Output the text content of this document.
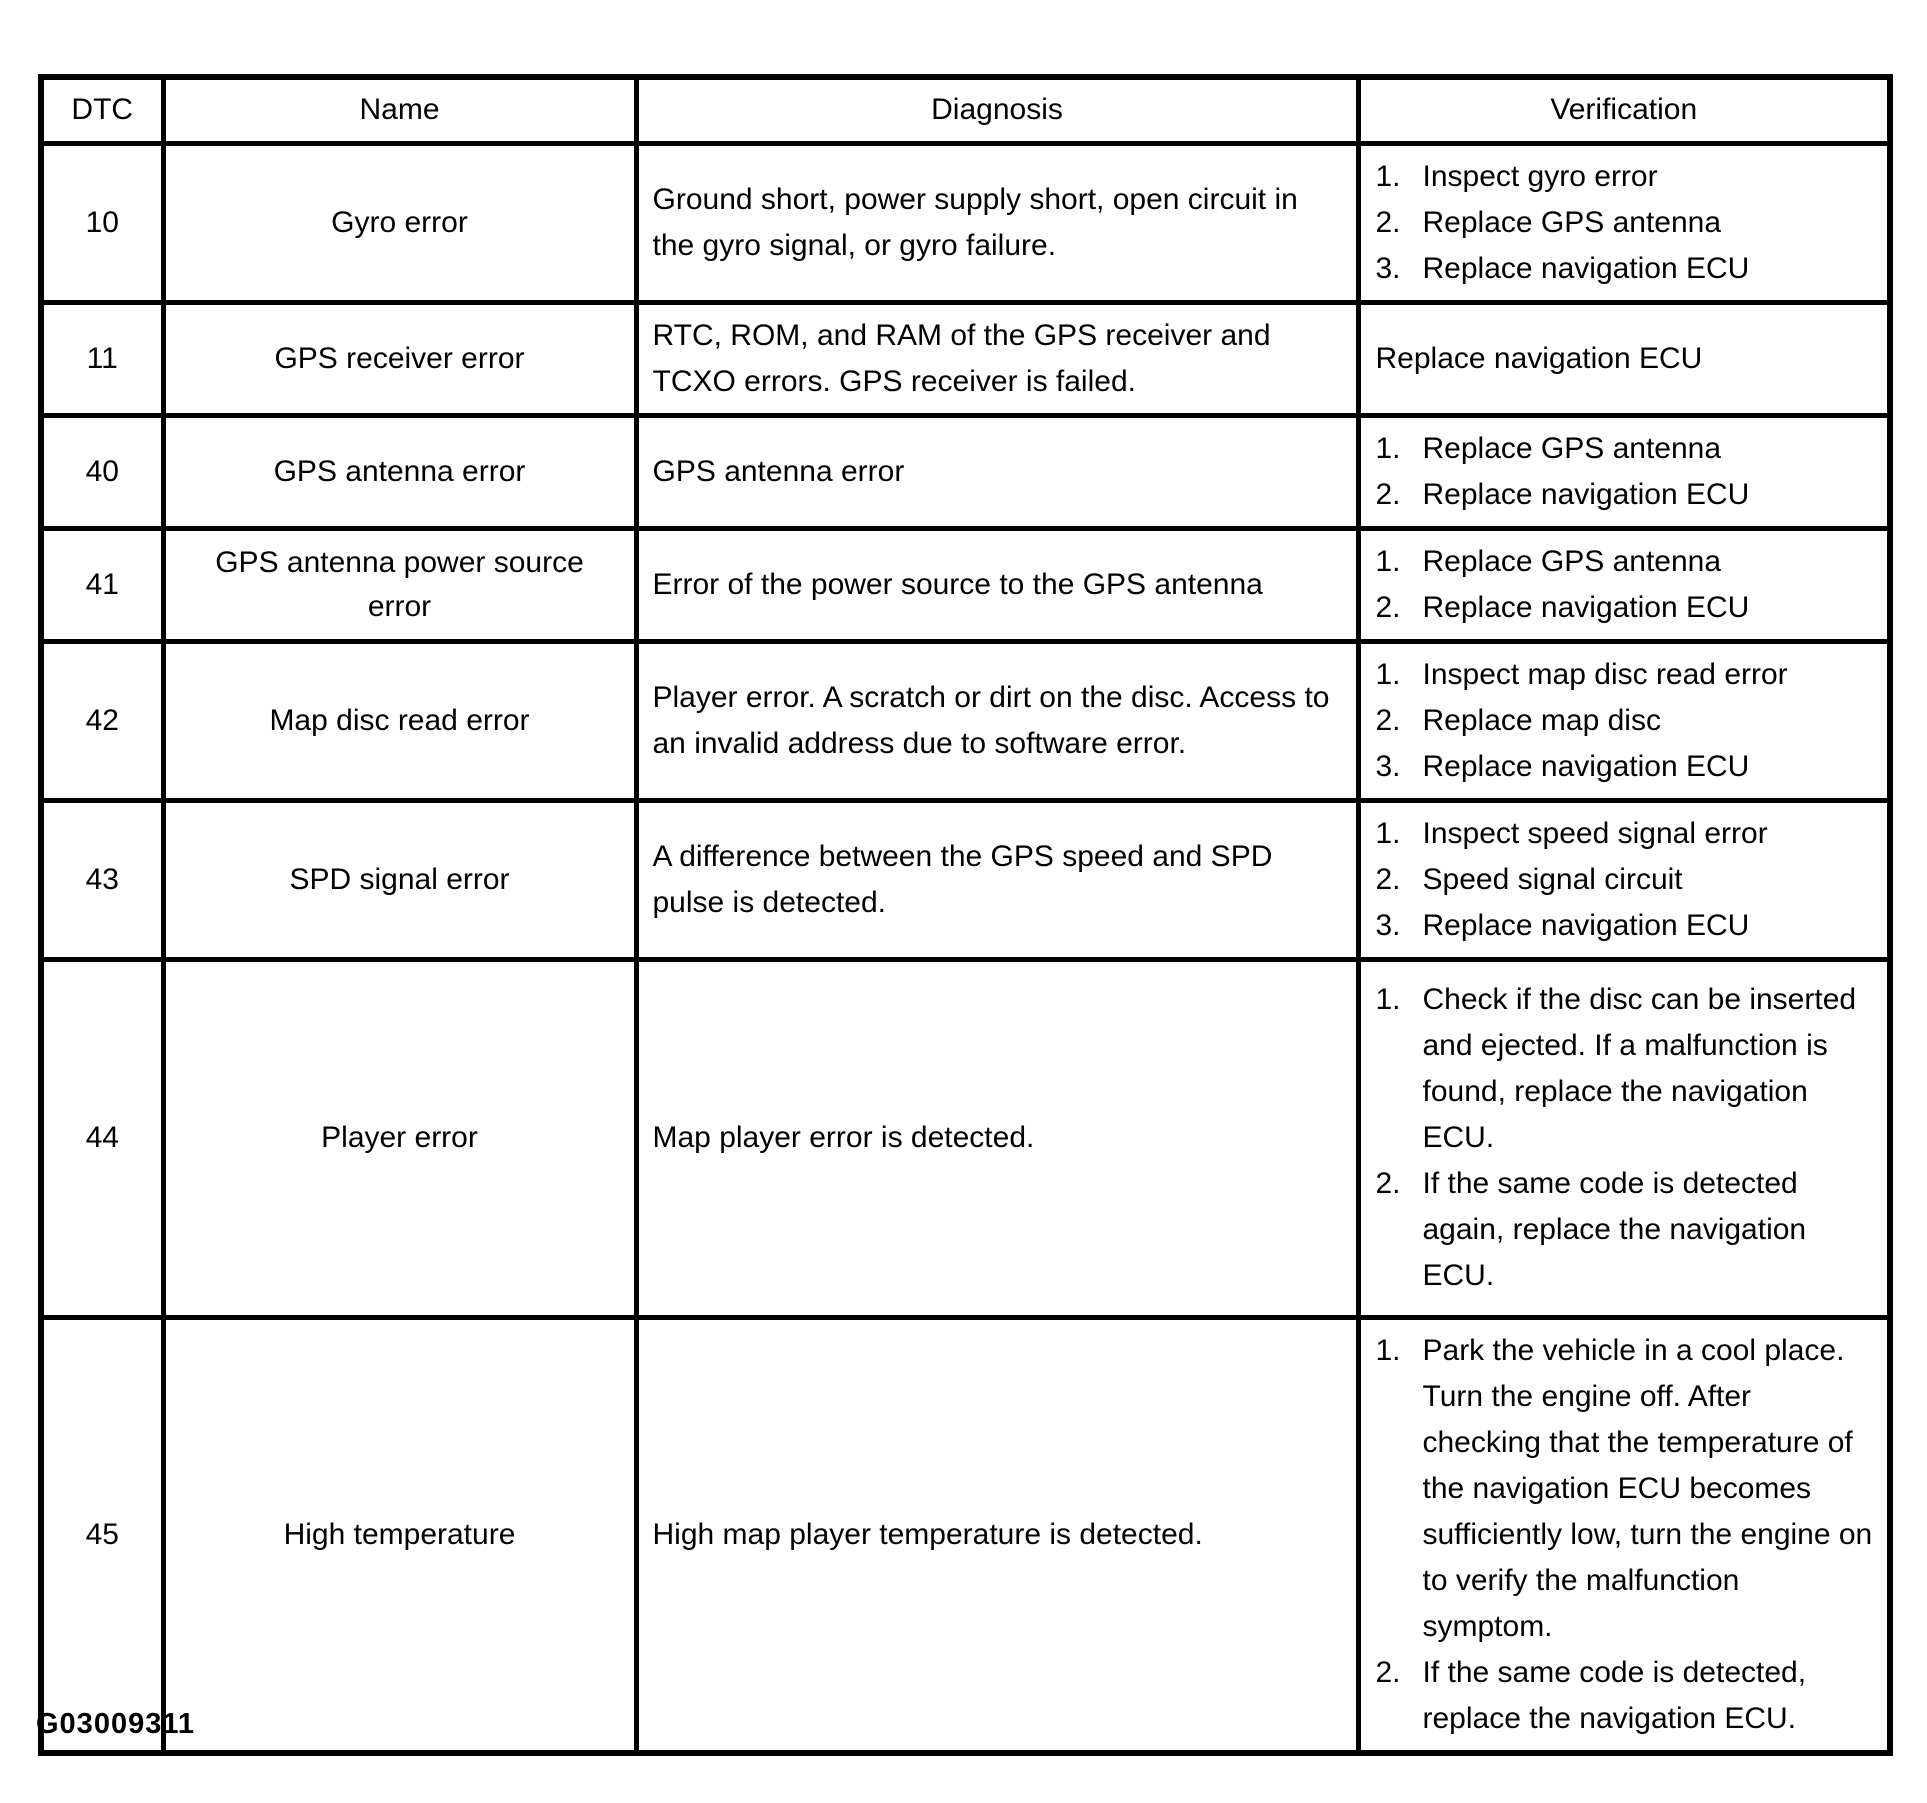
DTC	Name	Diagnosis	Verification
10	Gyro error	Ground short, power supply short, open circuit in the gyro signal, or gyro failure.	
1. Inspect gyro error
2. Replace GPS antenna
3. Replace navigation ECU

11	GPS receiver error	RTC, ROM, and RAM of the GPS receiver and TCXO errors. GPS receiver is failed.	Replace navigation ECU

40	GPS antenna error	GPS antenna error	1. Replace GPS antenna
2. Replace navigation ECU

41	GPS antenna power source error	Error of the power source to the GPS antenna	1. Replace GPS antenna
2. Replace navigation ECU

42	Map disc read error	Player error. A scratch or dirt on the disc. Access to an invalid address due to software error.	
1. Inspect map disc read error
2. Replace map disc
3. Replace navigation ECU

43	SPD signal error	A difference between the GPS speed and SPD pulse is detected.	
1. Inspect speed signal error
2. Speed signal circuit
3. Replace navigation ECU

44	Player error	Map player error is detected.	1. Check if the disc can be inserted and ejected. If a malfunction is found, replace the navigation ECU.
2. If the same code is detected again, replace the navigation ECU.

45	High temperature	High map player temperature is detected.	1. Park the vehicle in a cool place. Turn the engine off. After checking that the temperature of the navigation ECU becomes sufficiently low, turn the engine on to verify the malfunction symptom.
2. If the same code is detected, replace the navigation ECU.
G03009311
